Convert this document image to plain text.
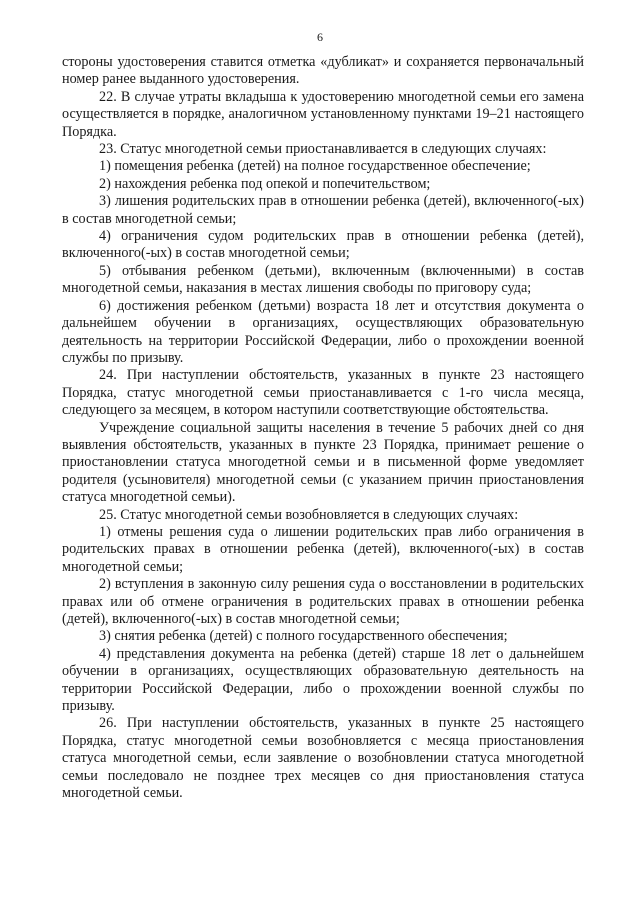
6

стороны удостоверения ставится отметка «дубликат» и сохраняется первоначальный номер ранее выданного удостоверения.

22. В случае утраты вкладыша к удостоверению многодетной семьи его замена осуществляется в порядке, аналогичном установленному пунктами 19–21 настоящего Порядка.

23. Статус многодетной семьи приостанавливается в следующих случаях:

1) помещения ребенка (детей) на полное государственное обеспечение;

2) нахождения ребенка под опекой и попечительством;

3) лишения родительских прав в отношении ребенка (детей), включенного(-ых) в состав многодетной семьи;

4) ограничения судом родительских прав в отношении ребенка (детей), включенного(-ых) в состав многодетной семьи;

5) отбывания ребенком (детьми), включенным (включенными) в состав многодетной семьи, наказания в местах лишения свободы по приговору суда;

6) достижения ребенком (детьми) возраста 18 лет и отсутствия документа о дальнейшем обучении в организациях, осуществляющих образовательную деятельность на территории Российской Федерации, либо о прохождении военной службы по призыву.

24. При наступлении обстоятельств, указанных в пункте 23 настоящего Порядка, статус многодетной семьи приостанавливается с 1-го числа месяца, следующего за месяцем, в котором наступили соответствующие обстоятельства.

Учреждение социальной защиты населения в течение 5 рабочих дней со дня выявления обстоятельств, указанных в пункте 23 Порядка, принимает решение о приостановлении статуса многодетной семьи и в письменной форме уведомляет родителя (усыновителя) многодетной семьи (с указанием причин приостановления статуса многодетной семьи).

25. Статус многодетной семьи возобновляется в следующих случаях:

1) отмены решения суда о лишении родительских прав либо ограничения в родительских правах в отношении ребенка (детей), включенного(-ых) в состав многодетной семьи;

2) вступления в законную силу решения суда о восстановлении в родительских правах или об отмене ограничения в родительских правах в отношении ребенка (детей), включенного(-ых) в состав многодетной семьи;

3) снятия ребенка (детей) с полного государственного обеспечения;

4) представления документа на ребенка (детей) старше 18 лет о дальнейшем обучении в организациях, осуществляющих образовательную деятельность на территории Российской Федерации, либо о прохождении военной службы по призыву.

26. При наступлении обстоятельств, указанных в пункте 25 настоящего Порядка, статус многодетной семьи возобновляется с месяца приостановления статуса многодетной семьи, если заявление о возобновлении статуса многодетной семьи последовало не позднее трех месяцев со дня приостановления статуса многодетной семьи.
